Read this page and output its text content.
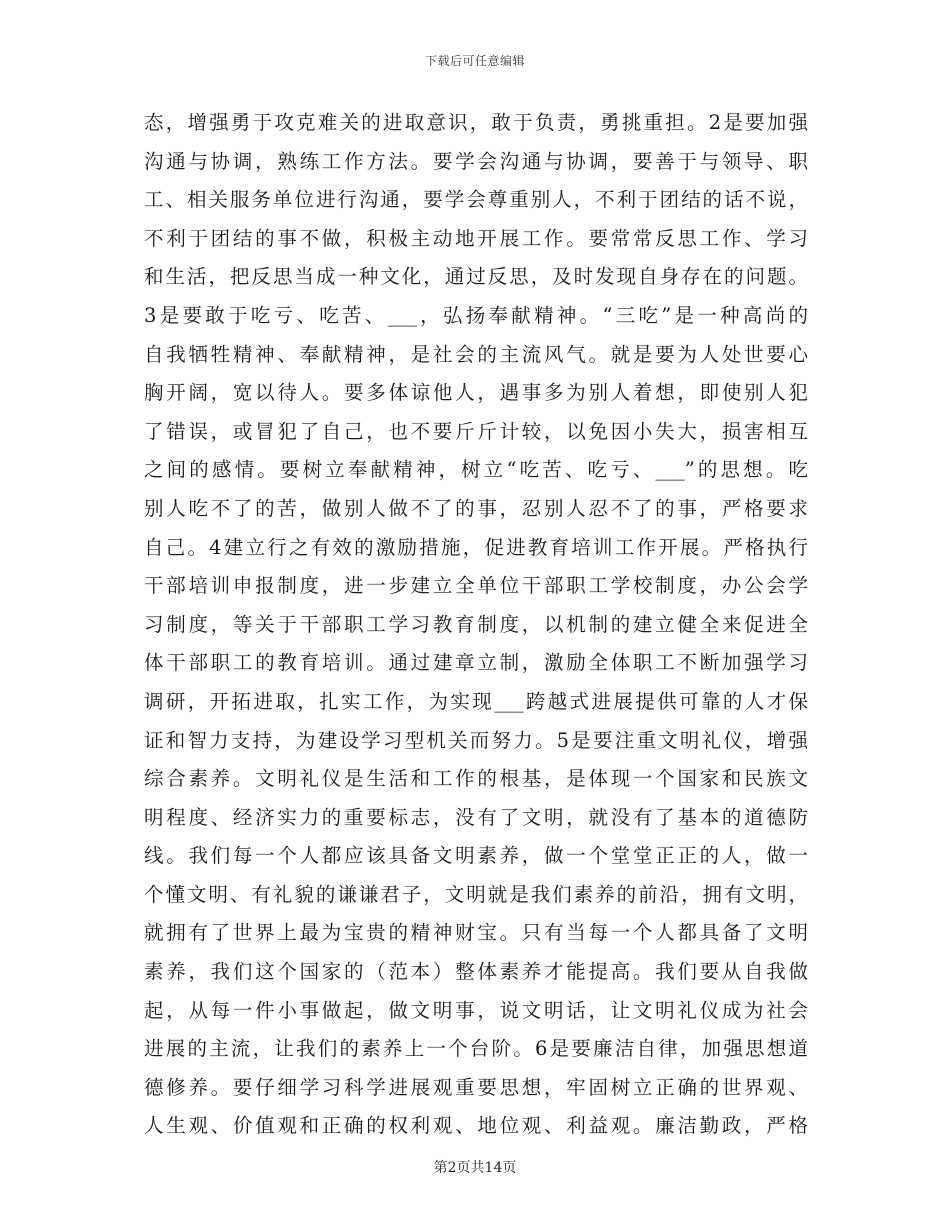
下载后可任意编辑
态，增强勇于攻克难关的进取意识，敢于负责，勇挑重担。2是要加强
沟通与协调，熟练工作方法。要学会沟通与协调，要善于与领导、职
工、相关服务单位进行沟通，要学会尊重别人，不利于团结的话不说，
不利于团结的事不做，积极主动地开展工作。要常常反思工作、学习
和生活，把反思当成一种文化，通过反思，及时发现自身存在的问题。
3是要敢于吃亏、吃苦、___，弘扬奉献精神。“三吃”是一种高尚的
自我牺牲精神、奉献精神，是社会的主流风气。就是要为人处世要心
胸开阔，宽以待人。要多体谅他人，遇事多为别人着想，即使别人犯
了错误，或冒犯了自己，也不要斤斤计较，以免因小失大，损害相互
之间的感情。要树立奉献精神，树立“吃苦、吃亏、___”的思想。吃
别人吃不了的苦，做别人做不了的事，忍别人忍不了的事，严格要求
自己。4建立行之有效的激励措施，促进教育培训工作开展。严格执行
干部培训申报制度，进一步建立全单位干部职工学校制度，办公会学
习制度，等关于干部职工学习教育制度，以机制的建立健全来促进全
体干部职工的教育培训。通过建章立制，激励全体职工不断加强学习
调研，开拓进取，扎实工作，为实现___跨越式进展提供可靠的人才保
证和智力支持，为建设学习型机关而努力。5是要注重文明礼仪，增强
综合素养。文明礼仪是生活和工作的根基，是体现一个国家和民族文
明程度、经济实力的重要标志，没有了文明，就没有了基本的道德防
线。我们每一个人都应该具备文明素养，做一个堂堂正正的人，做一
个懂文明、有礼貌的谦谦君子，文明就是我们素养的前沿，拥有文明，
就拥有了世界上最为宝贵的精神财宝。只有当每一个人都具备了文明
素养，我们这个国家的（范本）整体素养才能提高。我们要从自我做
起，从每一件小事做起，做文明事，说文明话，让文明礼仪成为社会
进展的主流，让我们的素养上一个台阶。6是要廉洁自律，加强思想道
德修养。要仔细学习科学进展观重要思想，牢固树立正确的世界观、
人生观、价值观和正确的权利观、地位观、利益观。廉洁勤政，严格
第2页共14页
